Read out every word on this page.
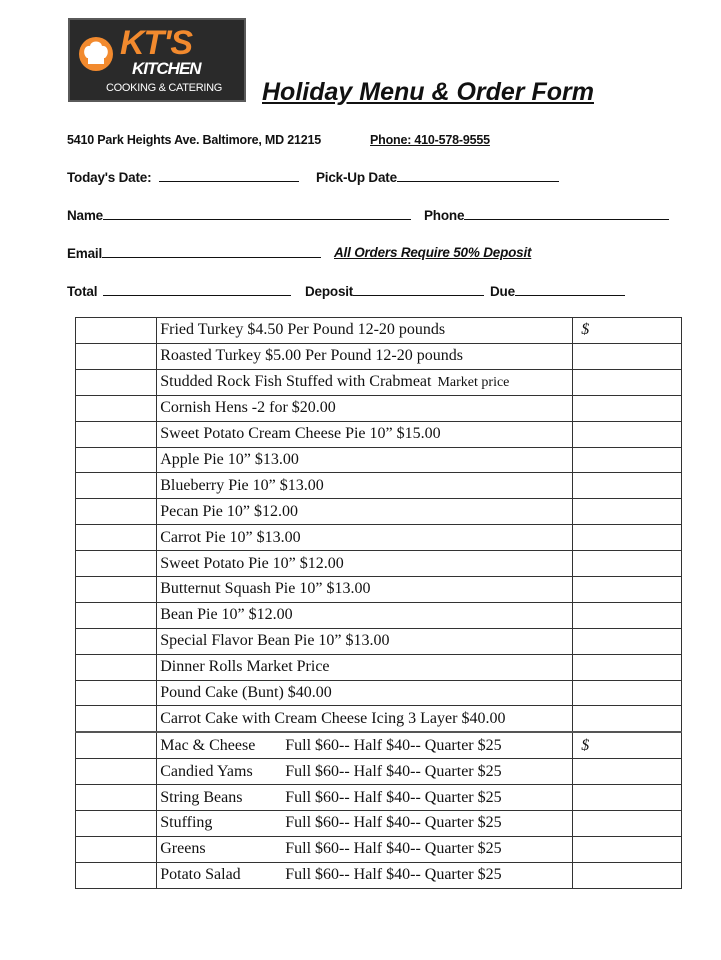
KT'S
KITCHEN
COOKING & CATERING Holiday Menu & Order Form
5410 Park Heights Ave. Baltimore, MD 21215	Phone: 410-578-9555
Today's Date:	Pick-Up Date
Name	Phone
Email	All Orders Require 50% Deposit
Total	Deposit	Due
	Fried Turkey $4.50 Per Pound 12-20 pounds	$
	Roasted Turkey $5.00 Per Pound 12-20 pounds	
	Studded Rock Fish Stuffed with Crabmeat Market price	
	Cornish Hens -2 for $20.00	
	Sweet Potato Cream Cheese Pie 10” $15.00	
	Apple Pie 10” $13.00	
	Blueberry Pie 10” $13.00	
	Pecan Pie 10” $12.00	
	Carrot Pie 10” $13.00	
	Sweet Potato Pie 10” $12.00	
	Butternut Squash Pie 10” $13.00	
	Bean Pie 10” $12.00	
	Special Flavor Bean Pie 10” $13.00	
	Dinner Rolls Market Price	
	Pound Cake (Bunt) $40.00	
	Carrot Cake with Cream Cheese Icing 3 Layer $40.00	
	Mac & Cheese Full $60-- Half $40-- Quarter $25	$
	Candied Yams Full $60-- Half $40-- Quarter $25	
	String Beans Full $60-- Half $40-- Quarter $25	
	Stuffing Full $60-- Half $40-- Quarter $25	
	Greens Full $60-- Half $40-- Quarter $25	
	Potato Salad Full $60-- Half $40-- Quarter $25	
